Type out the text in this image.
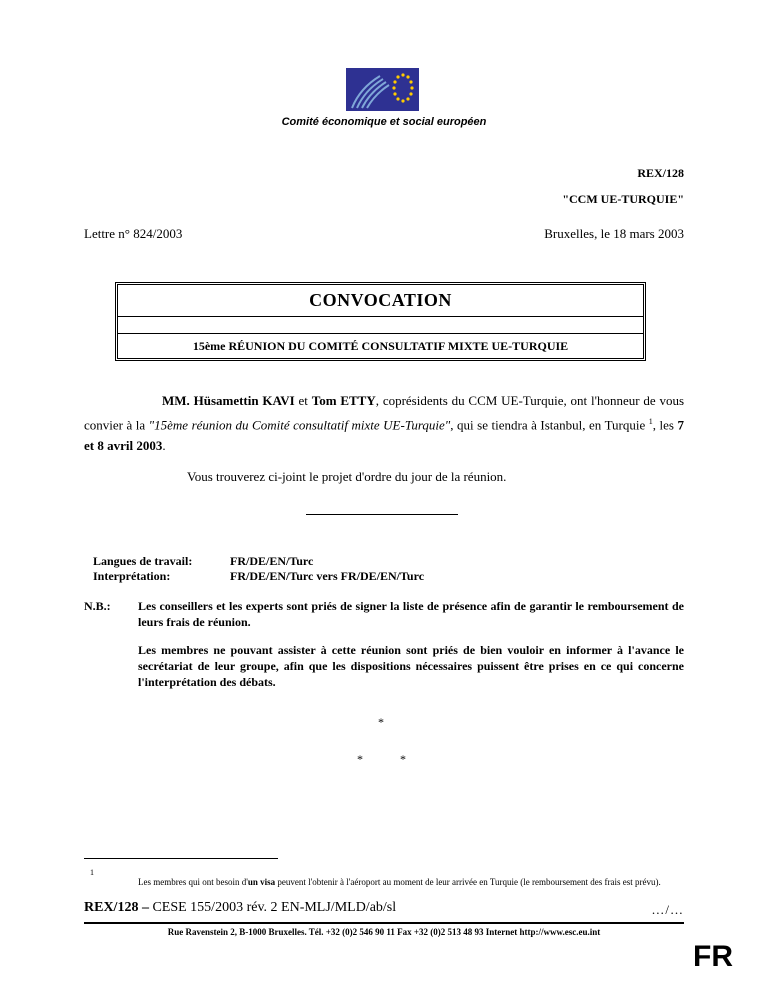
Comité économique et social européen
REX/128
"CCM UE-TURQUIE"
Lettre n° 824/2003	Bruxelles, le 18 mars 2003
CONVOCATION
15ème RÉUNION DU COMITÉ CONSULTATIF MIXTE UE-TURQUIE
MM. Hüsamettin KAVI et Tom ETTY, coprésidents du CCM UE-Turquie, ont l'honneur de vous convier à la "15ème réunion du Comité consultatif mixte UE-Turquie", qui se tiendra à Istanbul, en Turquie $^1$, les 7 et 8 avril 2003.
Vous trouverez ci-joint le projet d'ordre du jour de la réunion.
Langues de travail:	FR/DE/EN/Turc
Interprétation:	FR/DE/EN/Turc vers FR/DE/EN/Turc
N.B.: Les conseillers et les experts sont priés de signer la liste de présence afin de garantir le remboursement de leurs frais de réunion.

Les membres ne pouvant assister à cette réunion sont priés de bien vouloir en informer à l'avance le secrétariat de leur groupe, afin que les dispositions nécessaires puissent être prises en ce qui concerne l'interprétation des débats.

*
*	*
1
Les membres qui ont besoin d'un visa peuvent l'obtenir à l'aéroport au moment de leur arrivée en Turquie (le remboursement des frais est prévu).
REX/128 – CESE 155/2003 rév. 2 EN-MLJ/MLD/ab/sl	…/…
Rue Ravenstein 2, B-1000 Bruxelles. Tél. +32 (0)2 546 90 11 Fax +32 (0)2 513 48 93 Internet http://www.esc.eu.int
FR
